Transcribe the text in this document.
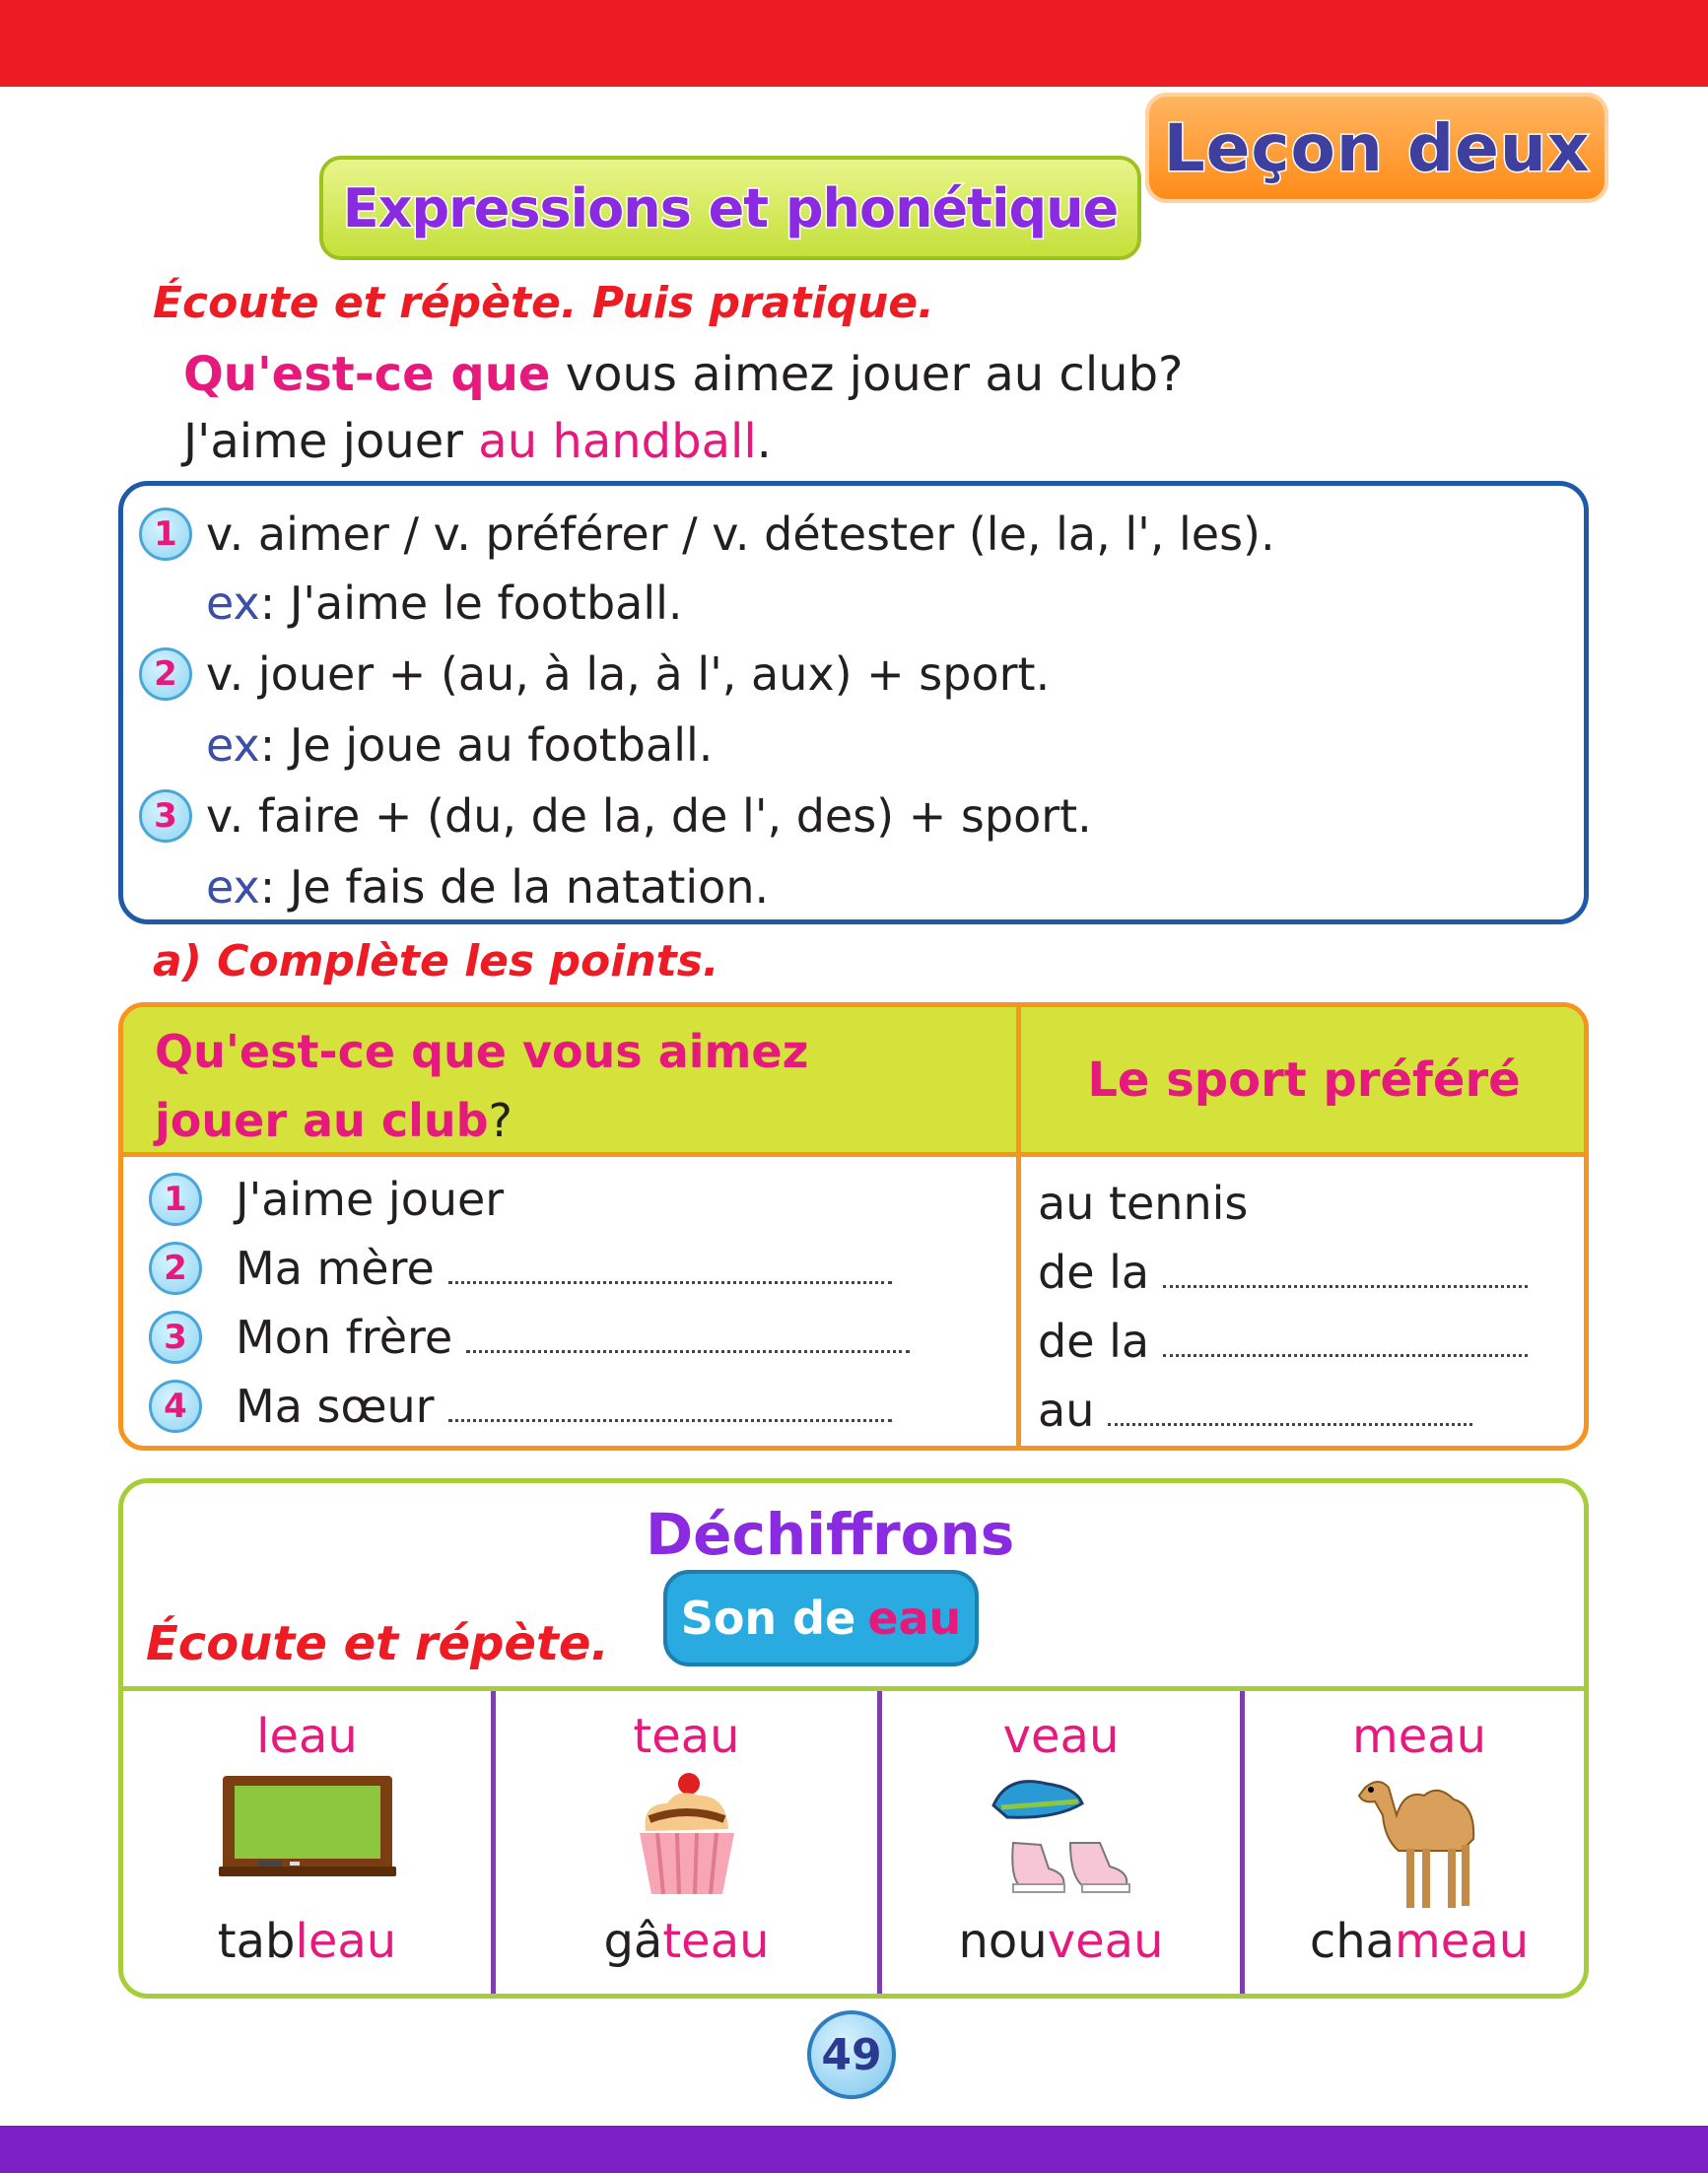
Leçon deux
Expressions et phonétique
Écoute et répète. Puis pratique.
Qu'est-ce que vous aimez jouer au club?
J'aime jouer au handball.
1 v. aimer / v. préférer / v. détester (le, la, l', les).
ex: J'aime le football.
2 v. jouer + (au, à la, à l', aux) + sport.
ex: Je joue au football.
3 v. faire + (du, de la, de l', des) + sport.
ex: Je fais de la natation.
a) Complète les points.
Qu'est-ce que vous aimez
jouer au club?
Le sport préféré
1	J'aime jouer	au tennis
2	Ma mère	de la
3	Mon frère	de la
4	Ma sœur	au
Déchiffrons
Son de eau
leau
tableau
teau
gâteau
veau
nouveau
meau
chameau
Écoute et répète.
49
